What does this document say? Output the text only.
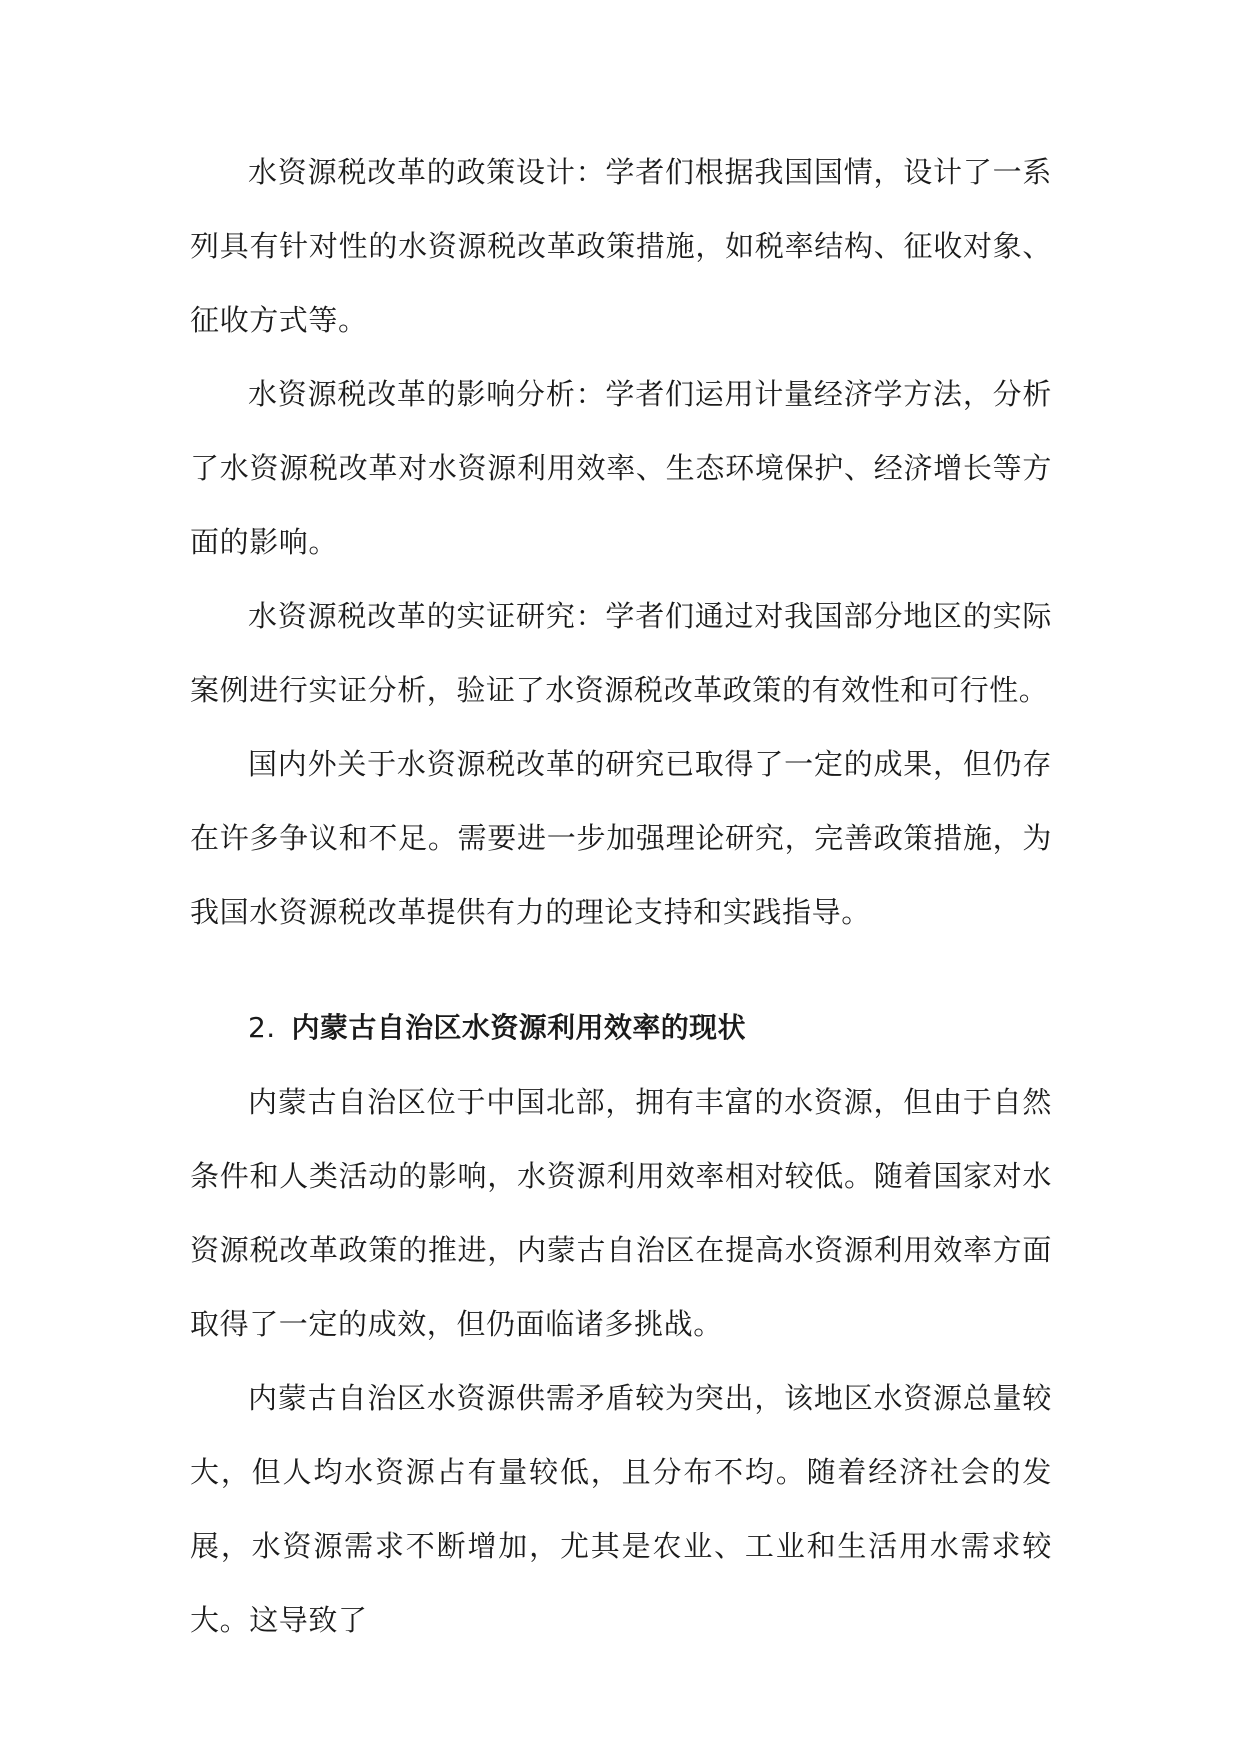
水资源税改革的政策设计：学者们根据我国国情，设计了一系列具有针对性的水资源税改革政策措施，如税率结构、征收对象、征收方式等。

水资源税改革的影响分析：学者们运用计量经济学方法，分析了水资源税改革对水资源利用效率、生态环境保护、经济增长等方面的影响。

水资源税改革的实证研究：学者们通过对我国部分地区的实际案例进行实证分析，验证了水资源税改革政策的有效性和可行性。

国内外关于水资源税改革的研究已取得了一定的成果，但仍存在许多争议和不足。需要进一步加强理论研究，完善政策措施，为我国水资源税改革提供有力的理论支持和实践指导。

2. 内蒙古自治区水资源利用效率的现状

内蒙古自治区位于中国北部，拥有丰富的水资源，但由于自然条件和人类活动的影响，水资源利用效率相对较低。随着国家对水资源税改革政策的推进，内蒙古自治区在提高水资源利用效率方面取得了一定的成效，但仍面临诸多挑战。

内蒙古自治区水资源供需矛盾较为突出，该地区水资源总量较大，但人均水资源占有量较低，且分布不均。随着经济社会的发展，水资源需求不断增加，尤其是农业、工业和生活用水需求较大。这导致了
